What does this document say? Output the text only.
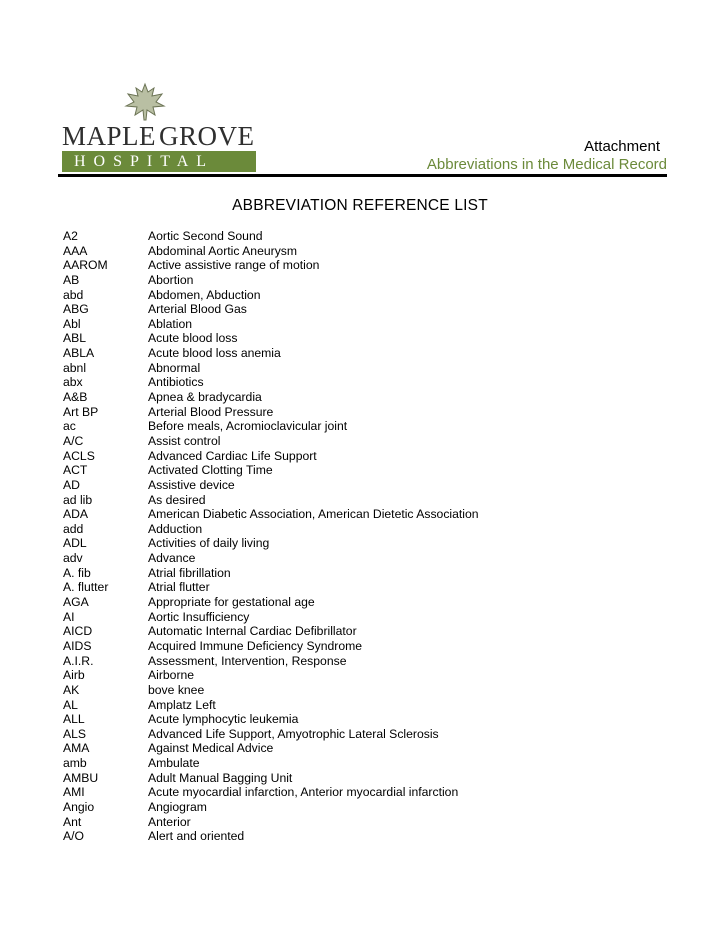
MAPLE GROVE
HOSPITAL
Attachment
Abbreviations in the Medical Record
ABBREVIATION REFERENCE LIST
A2	Aortic Second Sound
AAA	Abdominal Aortic Aneurysm
AAROM	Active assistive range of motion
AB	Abortion
abd	Abdomen, Abduction
ABG	Arterial Blood Gas
Abl	Ablation
ABL	Acute blood loss
ABLA	Acute blood loss anemia
abnl	Abnormal
abx	Antibiotics
A&B	Apnea & bradycardia
Art BP	Arterial Blood Pressure
ac	Before meals, Acromioclavicular joint
A/C	Assist control
ACLS	Advanced Cardiac Life Support
ACT	Activated Clotting Time
AD	Assistive device
ad lib	As desired
ADA	American Diabetic Association, American Dietetic Association
add	Adduction
ADL	Activities of daily living
adv	Advance
A. fib	Atrial fibrillation
A. flutter	Atrial flutter
AGA	Appropriate for gestational age
AI	Aortic Insufficiency
AICD	Automatic Internal Cardiac Defibrillator
AIDS	Acquired Immune Deficiency Syndrome
A.I.R.	Assessment, Intervention, Response
Airb	Airborne
AK	bove knee
AL	Amplatz Left
ALL	Acute lymphocytic leukemia
ALS	Advanced Life Support, Amyotrophic Lateral Sclerosis
AMA	Against Medical Advice
amb	Ambulate
AMBU	Adult Manual Bagging Unit
AMI	Acute myocardial infarction, Anterior myocardial infarction
Angio	Angiogram
Ant	Anterior
A/O	Alert and oriented
